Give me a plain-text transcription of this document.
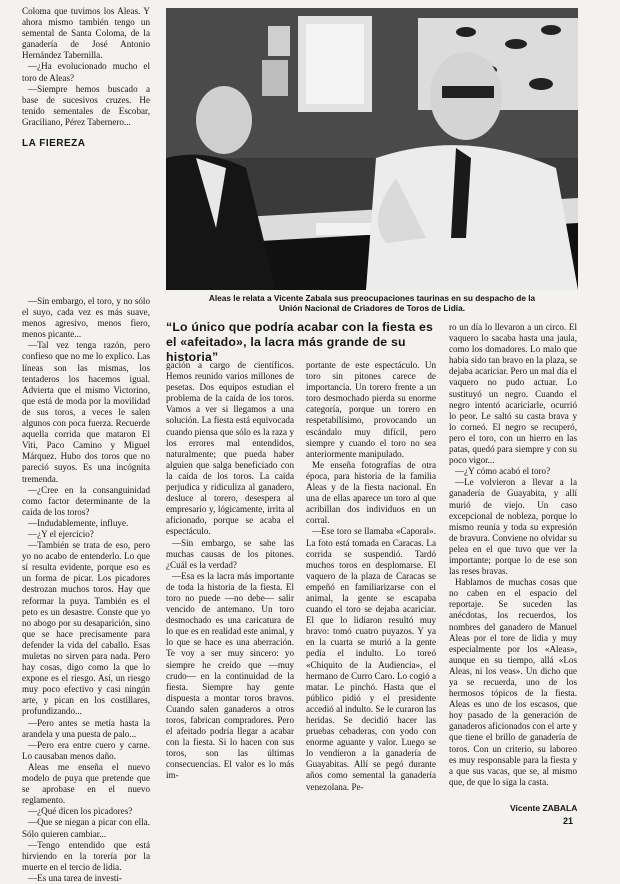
Coloma que tuvimos los Aleas. Y ahora mismo también tengo un semental de Santa Coloma, de la ganadería de José Antonio Hernández Tabernilla.

—¿Ha evolucionado mucho el toro de Aleas?

—Siempre hemos buscado a base de sucesivos cruzes. He tenido sementales de Escobar, Graciliano, Pérez Tabernero...

LA FIEREZA

—Sin embargo, el toro, y no sólo el suyo, cada vez es más suave, menos agresivo, menos fiero, menos picante...

—Tal vez tenga razón, pero confieso que no me lo explico. Las líneas son las mismas, los tentaderos los hacemos igual. Advierta que el mismo Victorino, que está de moda por la movilidad de sus toros, a veces le salen algunos con poca fuerza. Recuerde aquella corrida que mataron El Viti, Paco Camino y Miguel Márquez. Hubo dos toros que no pareció suyos. Es una incógnita tremenda.

—¿Cree en la consanguinidad como factor determinante de la caída de los toros?

—Indudablemente, influye.

—¿Y el ejercicio?

—También se trata de eso, pero yo no acabo de entenderlo. Lo que sí resulta evidente, porque eso es un forma de picar. Los picadores destrozan muchos toros. Hay que reformar la puya. También es el peto es un desastre. Conste que yo no abogo por su desaparición, sino que se hace precisamente para defender la vida del caballo. Esas muletas no sirven para nada. Pero hay cosas, digo como la que lo expone es el riesgo. Así, un riesgo muy poco efectivo y casi ningún arte, y pican en los costillares, profundizando...

—Pero antes se metía hasta la arandela y una puesta de palo...

—Pero era entre cuero y carne. Lo causaban menos daño.

Aleas me enseña el nuevo modelo de puya que pretende que se aprobase en el nuevo reglamento.

—¿Qué dicen los picadores?

—Que se niegan a picar con ella. Sólo quieren cambiar...

—Tengo entendido que está hirviendo en la torería por la muerte en el tercio de lidia.

—Es una tarea de investi-

Aleas le relata a Vicente Zabala sus preocupaciones taurinas en su despacho de la
Unión Nacional de Criadores de Toros de Lidia.
“Lo único que podría acabar con la fiesta es el «afeitado», la lacra más grande de su historia”

gación a cargo de científicos. Hemos reunido varios millones de pesetas. Dos equipos estudian el problema de la caída de los toros. Vamos a ver si llegamos a una solución. La fiesta está equivocada cuando piensa que sólo es la raza y los errores mal entendidos, naturalmente; que pueda haber alguien que salga beneficiado con la caída de los toros. La caída perjudica y ridiculiza al ganadero, desluce al torero, desespera al empresario y, lógicamente, irrita al aficionado, porque se acaba el espectáculo.

—Sin embargo, se sabe las muchas causas de los pitones. ¿Cuál es la verdad?

—Esa es la lacra más importante de toda la historia de la fiesta. El toro no puede —no debe— salir vencido de antemano. Un toro desmochado es una caricatura de lo que es en realidad este animal, y lo que se hace es una aberración. Te voy a ser muy sincero: yo siempre he creído que —muy crudo— en la continuidad de la fiesta. Siempre hay gente dispuesta a montar toros bravos. Cuando salen ganaderos a otros toros, fabrican compradores. Pero el afeitado podría llegar a acabar con la fiesta. Si lo hacen con sus toros, son las últimas consecuencias. El valor es lo más im-

portante de este espectáculo. Un toro sin pitones carece de importancia. Un torero frente a un toro desmochado pierda su enorme categoría, porque un torero en respetabilísimo, provocando un escándalo muy difícil, pero siempre y cuando el toro no sea anteriormente manipulado.

Me enseña fotografías de otra época, para historia de la familia Aleas y de la fiesta nacional. En una de ellas aparece un toro al que acribillan dos individuos en un corral.

—Ese toro se llamaba «Caporal». La foto está tomada en Caracas. La corrida se suspendió. Tardó muchos toros en desplomarse. El vaquero de la plaza de Caracas se empeñó en familiarizarse con el animal, la gente se escapaba cuando el toro se dejaba acariciar. El que lo lidiaron resultó muy bravo: tomó cuatro puyazos. Y ya en la cuarta se murió a la gente pedía el indulto. Lo toreó «Chiquito de la Audiencia», el hermano de Curro Caro. Lo cogió a matar. Le pinchó. Hasta que el público pidió y el presidente accedió al indulto. Se le curaron las heridas. Se decidió hacer las pruebas cebaderas, con yodo con enorme aguante y valor. Luego se lo vendieron a la ganadería de Guayabitas. Allí se pegó durante años como semental la ganadería venezolana. Pe-

ro un día lo llevaron a un circo. El vaquero lo sacaba hasta una jaula, como los domadores. Lo malo que había sido tan bravo en la plaza, se dejaba acariciar. Pero un mal día el vaquero no pudo actuar. Lo sustituyó un negro. Cuando el negro intentó acariciarle, ocurrió lo peor. Le saltó su casta brava y lo corneó. El negro se recuperó, pero el toro, con un hierro en las patas, quedó para siempre y con su poco vigor...

—¿Y cómo acabó el toro?

—Le volvieron a llevar a la ganadería de Guayabita, y allí murió de viejo. Un caso excepcional de nobleza, porque lo mismo reunía y toda su expresión de bravura. Conviene no olvidar su pelea en el que tuvo que ver la importante; porque lo de ese son las reses bravas.

Hablamos de muchas cosas que no caben en el espacio del reportaje. Se suceden las anécdotas, los recuerdos, los nombres del ganadero de Manuel Aleas por el tore de lidia y muy especialmente por los «Aleas», aunque en su tiempo, allá «Los Aleas, ni los veas». Un dicho que ya se recuerda, uno de los hermosos tópicos de la fiesta. Aleas es uno de los escasos, que hoy pasado de la generación de ganaderos aficionados con el arte y que tiene el brillo de ganadería de toros. Con un criterio, su laboreo es muy responsable para la fiesta y a que sus vacas, que se, al mismo que, de que lo siga la casta.

Vicente ZABALA
21
